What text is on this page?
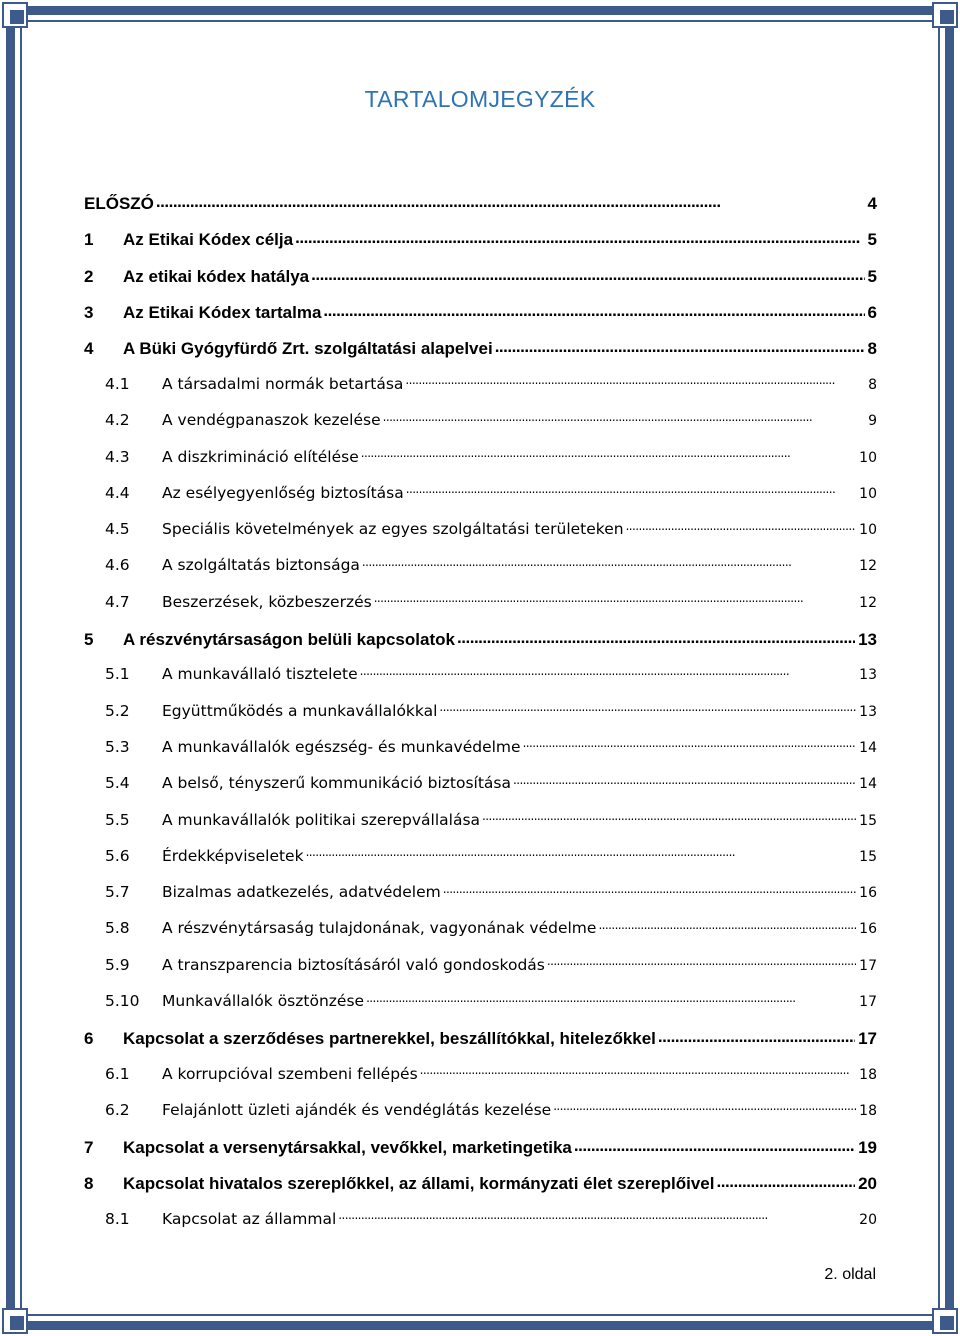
TARTALOMJEGYZÉK
ELŐSZÓ . . .	4
1	Az Etikai Kódex célja . . .	5
2	Az etikai kódex hatálya . . .	5
3	Az Etikai Kódex tartalma . . .	6
4	A Büki Gyógyfürdő Zrt. szolgáltatási alapelvei . . .	8
4.1	A társadalmi normák betartása . . .	8
4.2	A vendégpanaszok kezelése . . .	9
4.3	A diszkrimináció elítélése . . .	10
4.4	Az esélyegyenlőség biztosítása . . .	10
4.5	Speciális követelmények az egyes szolgáltatási területeken . . .	10
4.6	A szolgáltatás biztonsága . . .	12
4.7	Beszerzések, közbeszerzés . . .	12
5	A részvénytársaságon belüli kapcsolatok . . .	13
5.1	A munkavállaló tisztelete . . .	13
5.2	Együttműködés a munkavállalókkal . . .	13
5.3	A munkavállalók egészség- és munkavédelme . . .	14
5.4	A belső, tényszerű kommunikáció biztosítása . . .	14
5.5	A munkavállalók politikai szerepvállalása . . .	15
5.6	Érdekképviseletek . . .	15
5.7	Bizalmas adatkezelés, adatvédelem . . .	16
5.8	A részvénytársaság tulajdonának, vagyonának védelme . . .	16
5.9	A transzparencia biztosításáról való gondoskodás . . .	17
5.10	Munkavállalók ösztönzése . . .	17
6	Kapcsolat a szerződéses partnerekkel, beszállítókkal, hitelezőkkel . . .	17
6.1	A korrupcióval szembeni fellépés . . .	18
6.2	Felajánlott üzleti ajándék és vendéglátás kezelése . . .	18
7	Kapcsolat a versenytársakkal, vevőkkel, marketingetika . . .	19
8	Kapcsolat hivatalos szereplőkkel, az állami, kormányzati élet szereplőivel . . .	20
8.1	Kapcsolat az állammal . . .	20
2. oldal
